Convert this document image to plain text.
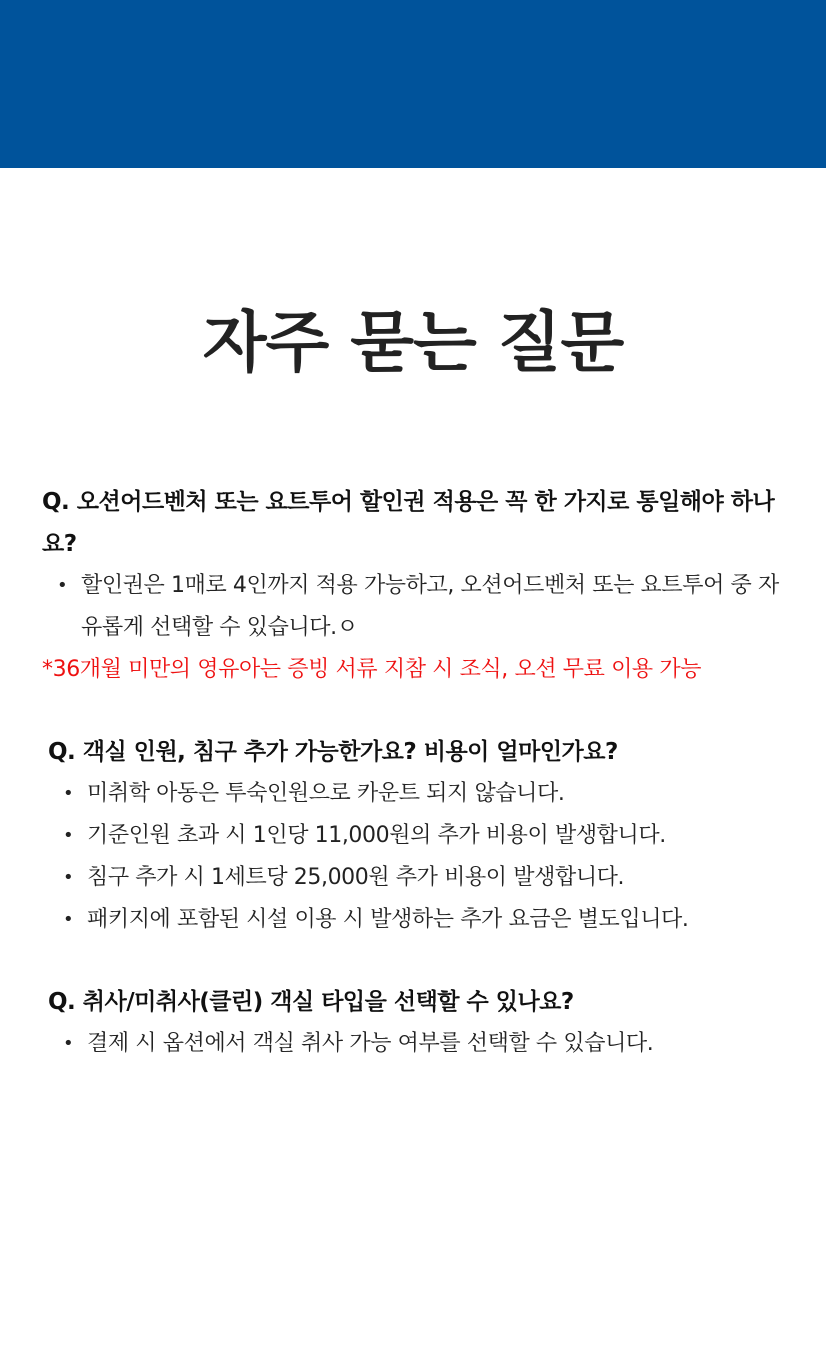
자주 묻는 질문

Q. 오션어드벤처 또는 요트투어 할인권 적용은 꼭 한 가지로 통일해야 하나요?

• 할인권은 1매로 4인까지 적용 가능하고, 오션어드벤처 또는 요트투어 중 자유롭게 선택할 수 있습니다.ㅇ

*36개월 미만의 영유아는 증빙 서류 지참 시 조식, 오션 무료 이용 가능

Q. 객실 인원, 침구 추가 가능한가요? 비용이 얼마인가요?

• 미취학 아동은 투숙인원으로 카운트 되지 않습니다.
• 기준인원 초과 시 1인당 11,000원의 추가 비용이 발생합니다.
• 침구 추가 시 1세트당 25,000원 추가 비용이 발생합니다.
• 패키지에 포함된 시설 이용 시 발생하는 추가 요금은 별도입니다.

Q. 취사/미취사(클린) 객실 타입을 선택할 수 있나요?

• 결제 시 옵션에서 객실 취사 가능 여부를 선택할 수 있습니다.
